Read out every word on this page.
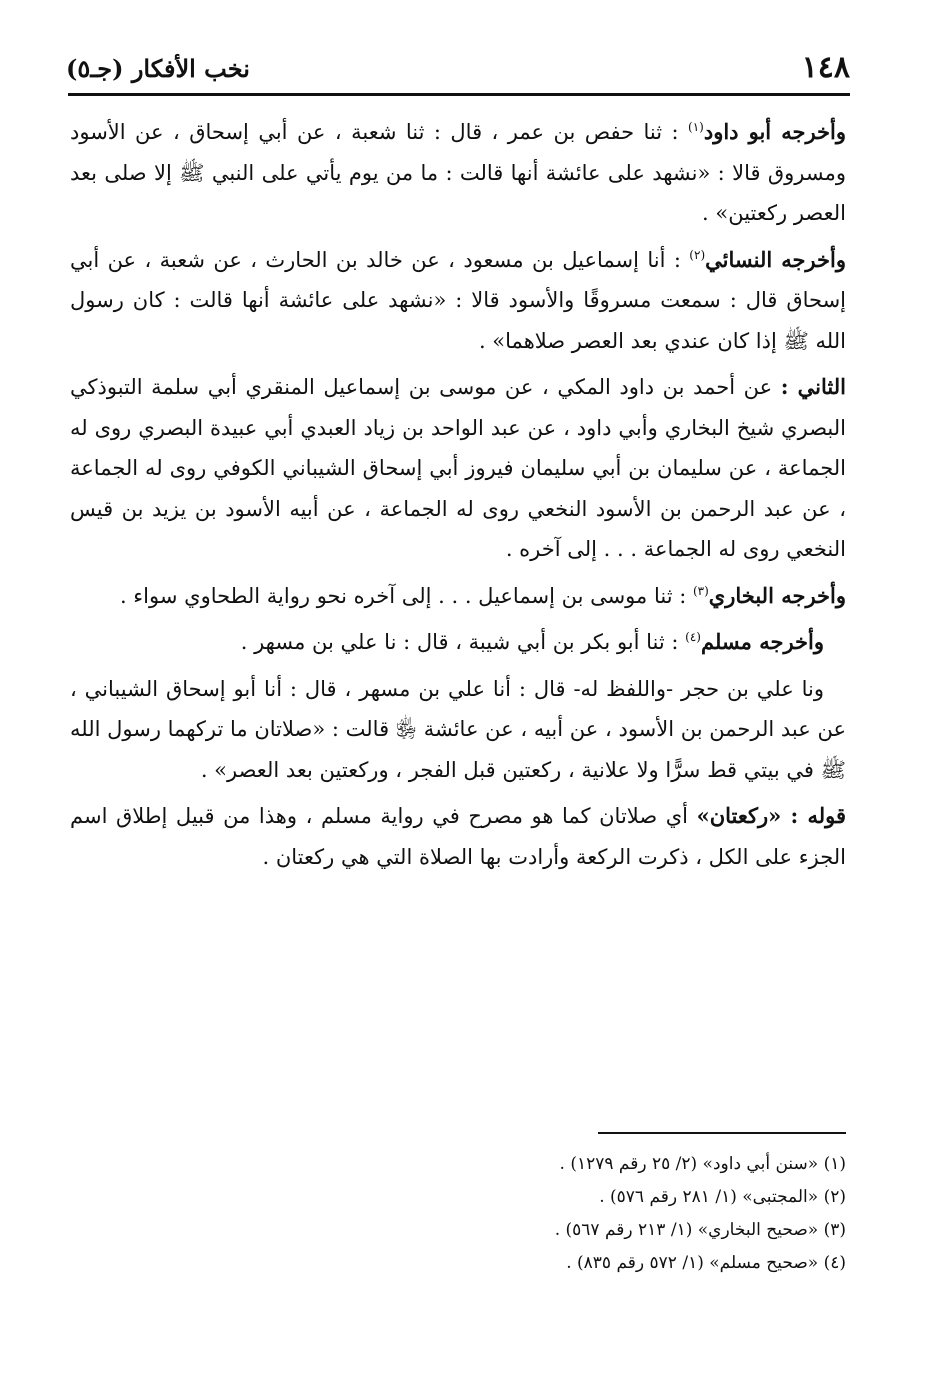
١٤٨
نخب الأفكار (جـ٥)

وأخرجه أبو داود$^{(١)}$ : ثنا حفص بن عمر ، قال : ثنا شعبة ، عن أبي إسحاق ، عن الأسود ومسروق قالا : «نشهد على عائشة أنها قالت : ما من يوم يأتي على النبي ﷺ إلا صلى بعد العصر ركعتين» .

وأخرجه النسائي$^{(٢)}$ : أنا إسماعيل بن مسعود ، عن خالد بن الحارث ، عن شعبة ، عن أبي إسحاق قال : سمعت مسروقًا والأسود قالا : «نشهد على عائشة أنها قالت : كان رسول الله ﷺ إذا كان عندي بعد العصر صلاهما» .

الثاني : عن أحمد بن داود المكي ، عن موسى بن إسماعيل المنقري أبي سلمة التبوذكي البصري شيخ البخاري وأبي داود ، عن عبد الواحد بن زياد العبدي أبي عبيدة البصري روى له الجماعة ، عن سليمان بن أبي سليمان فيروز أبي إسحاق الشيباني الكوفي روى له الجماعة ، عن عبد الرحمن بن الأسود النخعي روى له الجماعة ، عن أبيه الأسود بن يزيد بن قيس النخعي روى له الجماعة . . . إلى آخره .

وأخرجه البخاري$^{(٣)}$ : ثنا موسى بن إسماعيل . . . إلى آخره نحو رواية الطحاوي سواء .

وأخرجه مسلم$^{(٤)}$ : ثنا أبو بكر بن أبي شيبة ، قال : نا علي بن مسهر .

ونا علي بن حجر -واللفظ له- قال : أنا علي بن مسهر ، قال : أنا أبو إسحاق الشيباني ، عن عبد الرحمن بن الأسود ، عن أبيه ، عن عائشة ﵂ قالت : «صلاتان ما تركهما رسول الله ﷺ في بيتي قط سرًّا ولا علانية ، ركعتين قبل الفجر ، وركعتين بعد العصر» .

قوله : «ركعتان» أي صلاتان كما هو مصرح في رواية مسلم ، وهذا من قبيل إطلاق اسم الجزء على الكل ، ذكرت الركعة وأرادت بها الصلاة التي هي ركعتان .

(١) «سنن أبي داود» (٢/ ٢٥ رقم ١٢٧٩) .
(٢) «المجتبى» (١/ ٢٨١ رقم ٥٧٦) .
(٣) «صحيح البخاري» (١/ ٢١٣ رقم ٥٦٧) .
(٤) «صحيح مسلم» (١/ ٥٧٢ رقم ٨٣٥) .
